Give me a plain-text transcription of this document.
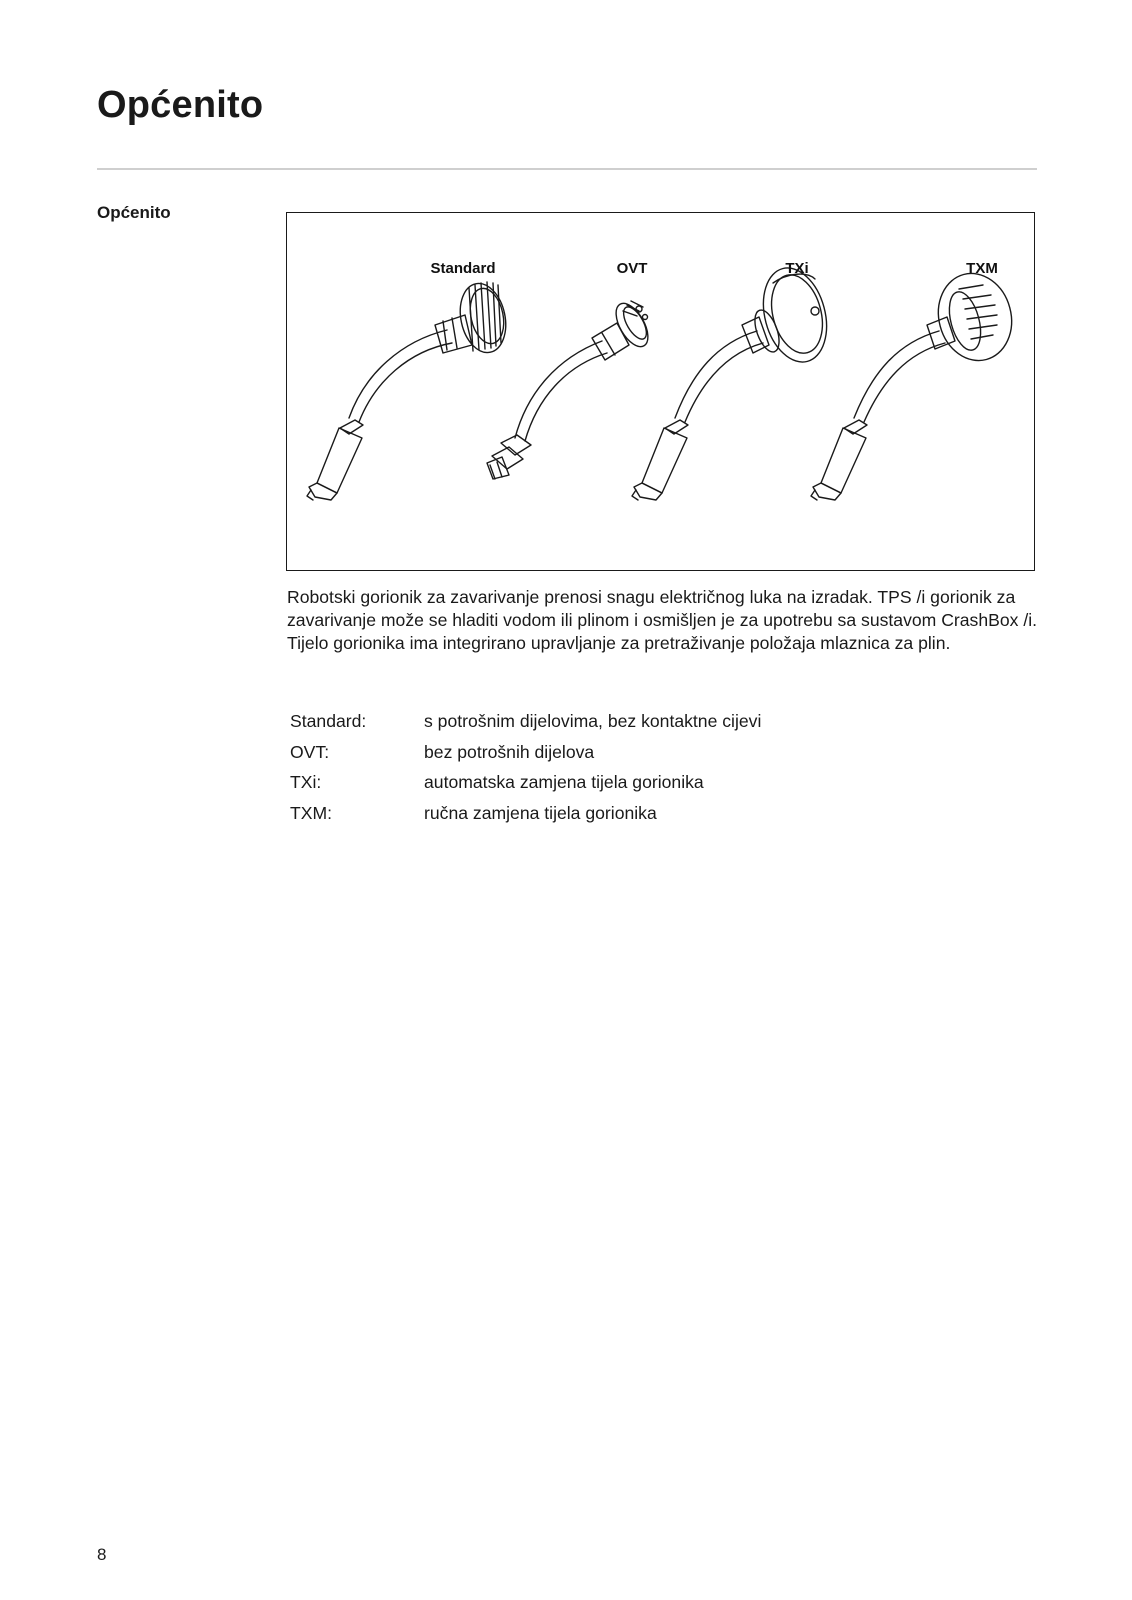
Općenito
Općenito
Standard	OVT	TXi	TXM
Robotski gorionik za zavarivanje prenosi snagu električnog luka na izradak. TPS /i gorionik za zavarivanje može se hladiti vodom ili plinom i osmišljen je za upotrebu sa sustavom CrashBox /i.
Tijelo gorionika ima integrirano upravljanje za pretraživanje položaja mlaznica za plin.
Standard:	s potrošnim dijelovima, bez kontaktne cijevi
OVT:	bez potrošnih dijelova
TXi:	automatska zamjena tijela gorionika
TXM:	ručna zamjena tijela gorionika
8
